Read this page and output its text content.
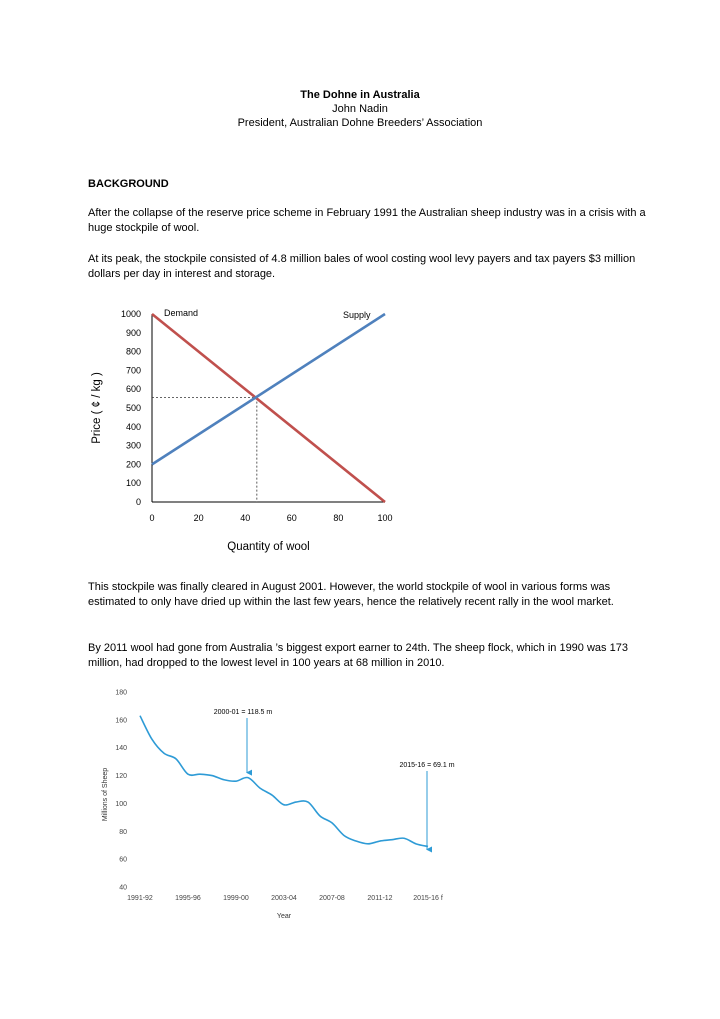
The Dohne in Australia
John Nadin
President, Australian Dohne Breeders’ Association
BACKGROUND
After the collapse of the reserve price scheme in February 1991 the Australian sheep industry was in a crisis with a huge stockpile of wool.
At its peak, the stockpile consisted of 4.8 million bales of wool costing wool levy payers and tax payers $3 million dollars per day in interest and storage.
0
100
200
300
400
500
600
700
800
900
1000
0	20	40	60	80	100
Demand	Supply
Quantity of wool
Price ( ¢ / kg )
This stockpile was finally cleared in August 2001. However, the world stockpile of wool in various forms was estimated to only have dried up within the last few years, hence the relatively recent rally in the wool market.
By 2011 wool had gone from Australia ’s biggest export earner to 24th. The sheep flock, which in 1990 was 173 million, had dropped to the lowest level in 100 years at 68 million in 2010.
40
60
80
100
120
140
160
180
1991-92	1995-96	1999-00	2003-04	2007-08	2011-12	2015-16 f
2000-01 = 118.5 m
2015-16 = 69.1 m
Year
Millions of Sheep
